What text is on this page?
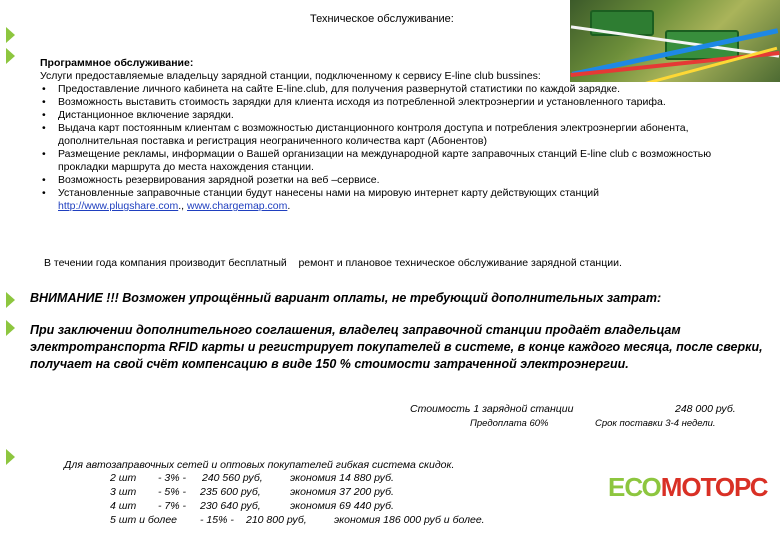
Техническое обслуживание:
Программное обслуживание:
Услуги предоставляемые владельцу зарядной станции, подключенному к сервису E-line club bussines:
• Предоставление личного кабинета на сайте E-line.club, для получения развернутой статистики по каждой зарядке.
• Возможность выставить стоимость зарядки для клиента исходя из потребленной электроэнергии и установленного тарифа.
• Дистанционное включение зарядки.
• Выдача карт постоянным клиентам с возможностью дистанционного контроля доступа и потребления электроэнергии абонента, дополнительная поставка и регистрация неограниченного количества карт (Абонентов)
• Размещение рекламы, информации о Вашей организации на международной карте заправочных станций E-line club с возможностью прокладки маршрута до места нахождения станции.
• Возможность резервирования зарядной розетки на веб –сервисе.
• Установленные заправочные станции будут нанесены нами на мировую интернет карту действующих станций
http://www.plugshare.com., www.chargemap.com.
В течении года компания производит бесплатный ремонт и плановое техническое обслуживание зарядной станции.
ВНИМАНИЕ !!! Возможен упрощённый вариант оплаты, не требующий дополнительных затрат:
При заключении дополнительного соглашения, владелец заправочной станции продаёт владельцам электротранспорта RFID карты и регистрирует покупателей в системе, в конце каждого месяца, после сверки, получает на свой счёт компенсацию в виде 150 % стоимости затраченной электроэнергии.
Стоимость 1 зарядной станции	248 000 руб.
Предоплата 60%	Срок поставки 3-4 недели.
Для автозаправочных сетей и оптовых покупателей гибкая система скидок.
2 шт - 3% - 240 560 руб,	экономия 14 880 руб.
3 шт - 5% - 235 600 руб,	экономия 37 200 руб.
4 шт - 7% - 230 640 руб,	экономия 69 440 руб.
5 шт и более - 15% - 210 800 руб,	экономия 186 000 руб и более.
ЕСОМОТОРС
